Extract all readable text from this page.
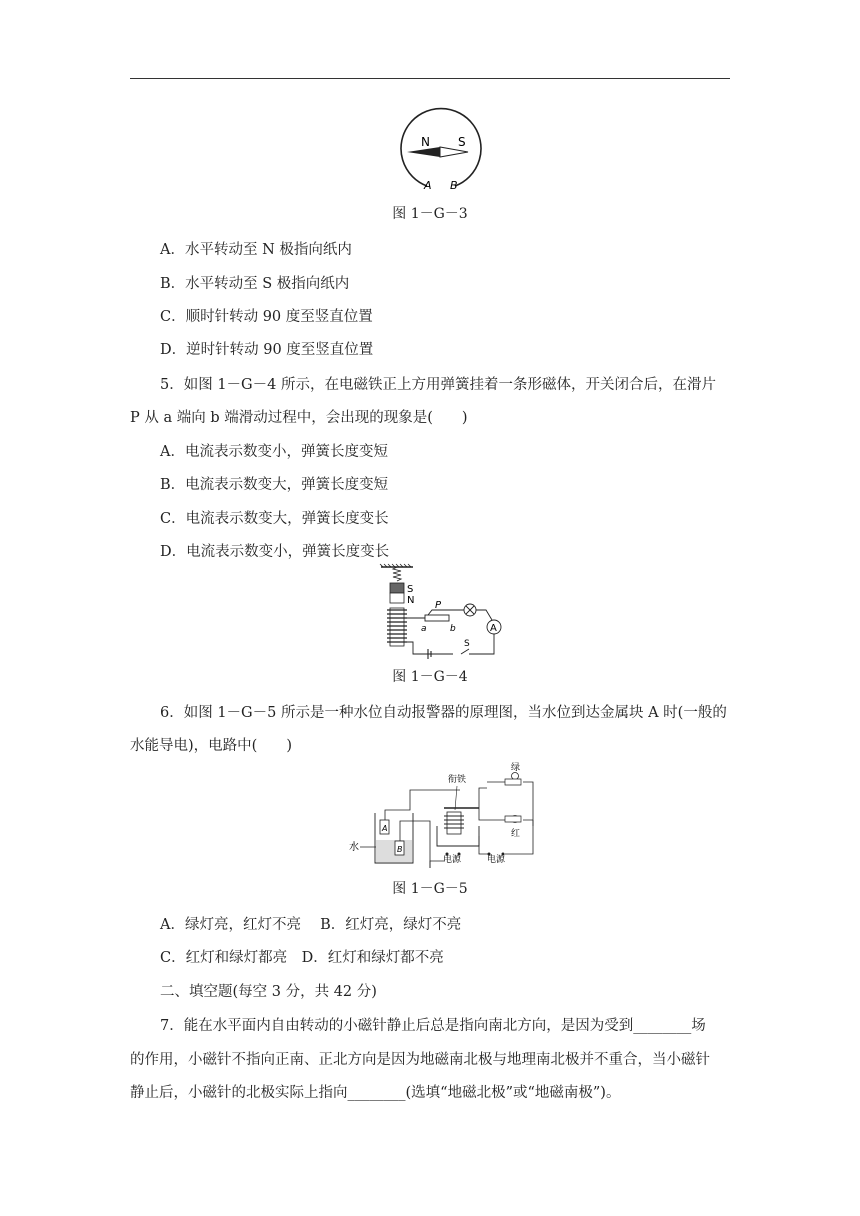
N S
A B
图 1－G－3
A．水平转动至 N 极指向纸内
B．水平转动至 S 极指向纸内
C．顺时针转动 90 度至竖直位置
D．逆时针转动 90 度至竖直位置
5．如图 1－G－4 所示，在电磁铁正上方用弹簧挂着一条形磁体，开关闭合后，在滑片
P 从 a 端向 b 端滑动过程中，会出现的现象是(　　)
A．电流表示数变小，弹簧长度变短
B．电流表示数变大，弹簧长度变短
C．电流表示数变大，弹簧长度变长
D．电流表示数变小，弹簧长度变长
S
N P
a	b	A
S
图 1－G－4
6．如图 1－G－5 所示是一种水位自动报警器的原理图，当水位到达金属块 A 时(一般的
水能导电)，电路中(　　)
水
A
B
电源
衔铁
绿
红
电源
图 1－G－5
A．绿灯亮，红灯不亮　 B．红灯亮，绿灯不亮
C．红灯和绿灯都亮　D．红灯和绿灯都不亮
二、填空题(每空 3 分，共 42 分)
7．能在水平面内自由转动的小磁针静止后总是指向南北方向，是因为受到________场
的作用，小磁针不指向正南、正北方向是因为地磁南北极与地理南北极并不重合，当小磁针
静止后，小磁针的北极实际上指向________(选填“地磁北极”或“地磁南极”)。
